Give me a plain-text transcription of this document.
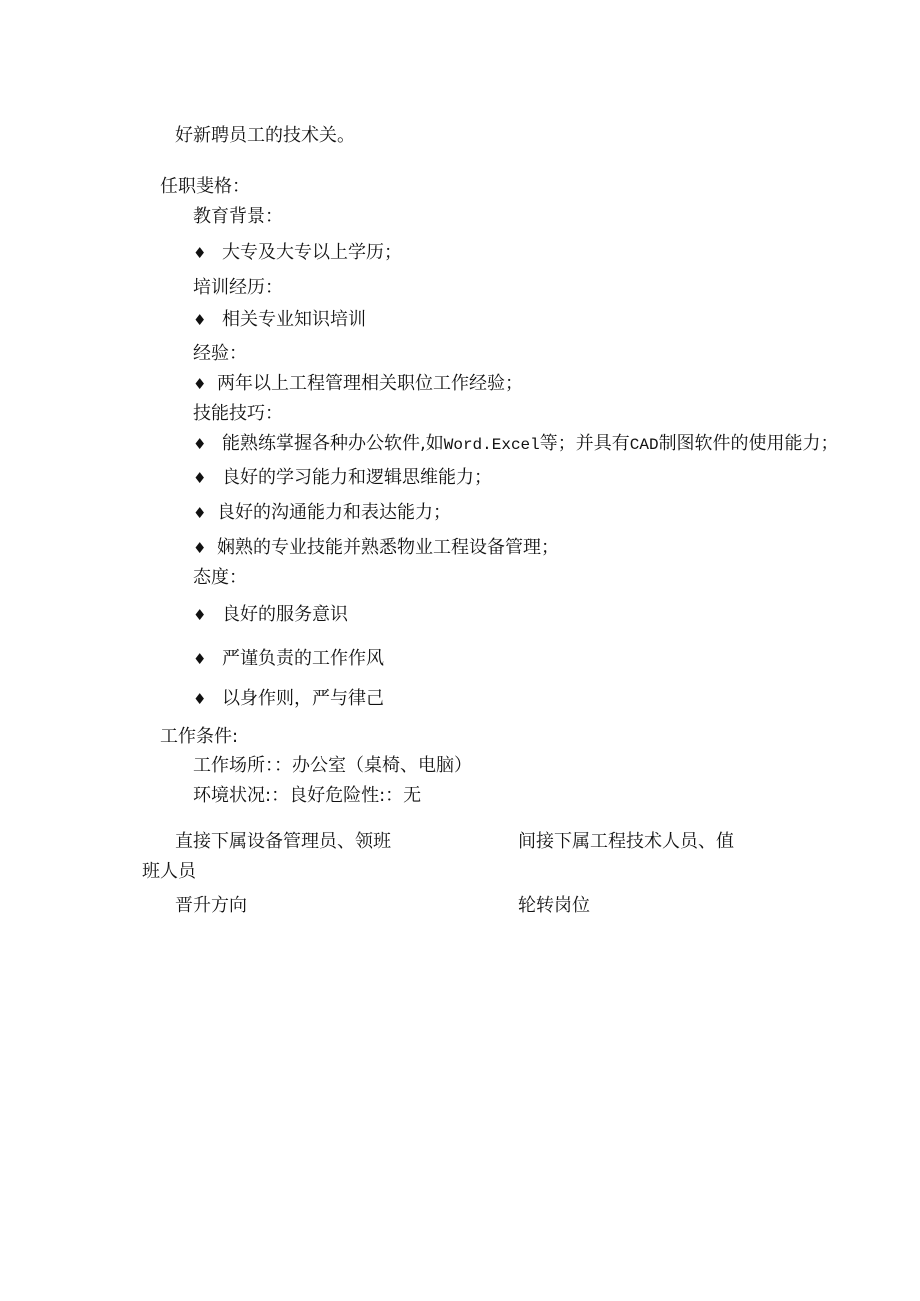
好新聘员工的技术关。
任职斐格：
教育背景：
♦ 大专及大专以上学历；
培训经历：
♦ 相关专业知识培训
经验：
♦ 两年以上工程管理相关职位工作经验；
技能技巧：
♦ 能熟练掌握各种办公软件,如Word.Excel等；并具有CAD制图软件的使用能力；
♦ 良好的学习能力和逻辑思维能力；
♦ 良好的沟通能力和表达能力；
♦ 娴熟的专业技能并熟悉物业工程设备管理；
态度：
♦ 良好的服务意识
♦ 严谨负责的工作作风
♦ 以身作则，严与律己
工作条件:
工作场所：：办公室（桌椅、电脑）
环境状况:：良好危险性:：无
直接下属设备管理员、领班	间接下属工程技术人员、值
班人员
晋升方向	轮转岗位
